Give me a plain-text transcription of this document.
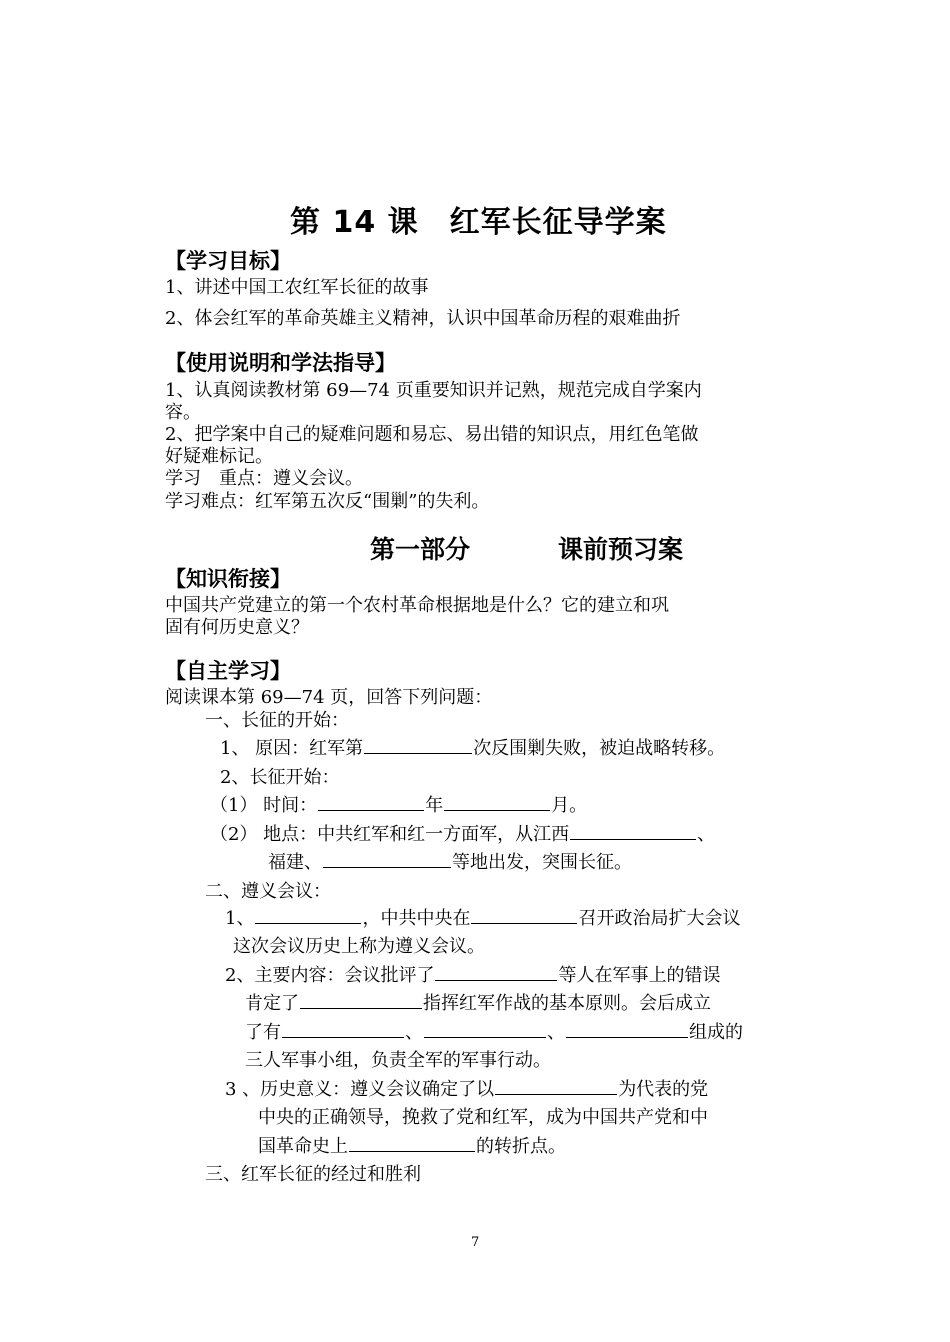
第 14 课　红军长征导学案
【学习目标】
1、讲述中国工农红军长征的故事
2、体会红军的革命英雄主义精神，认识中国革命历程的艰难曲折
【使用说明和学法指导】
1、认真阅读教材第 69—74 页重要知识并记熟，规范完成自学案内
容。
2、把学案中自己的疑难问题和易忘、易出错的知识点，用红色笔做
好疑难标记。
学习　重点：遵义会议。
学习难点：红军第五次反“围剿”的失利。
第一部分	课前预习案
【知识衔接】
中国共产党建立的第一个农村革命根据地是什么？它的建立和巩
固有何历史意义？
【自主学习】
阅读课本第 69—74 页，回答下列问题：
一、长征的开始：
1、 原因：红军第	次反围剿失败，被迫战略转移。
2、长征开始：
（1） 时间：	年	月。
（2） 地点：中共红军和红一方面军，从江西	、
福建、	等地出发，突围长征。
二、遵义会议：
1、	，中共中央在	召开政治局扩大会议
这次会议历史上称为遵义会议。
2、主要内容：会议批评了	等人在军事上的错误
肯定了	指挥红军作战的基本原则。会后成立
了有	、	、	组成的
三人军事小组，负责全军的军事行动。
3 、历史意义：遵义会议确定了以	为代表的党
中央的正确领导，挽救了党和红军，成为中国共产党和中
国革命史上	的转折点。
三、红军长征的经过和胜利
7
